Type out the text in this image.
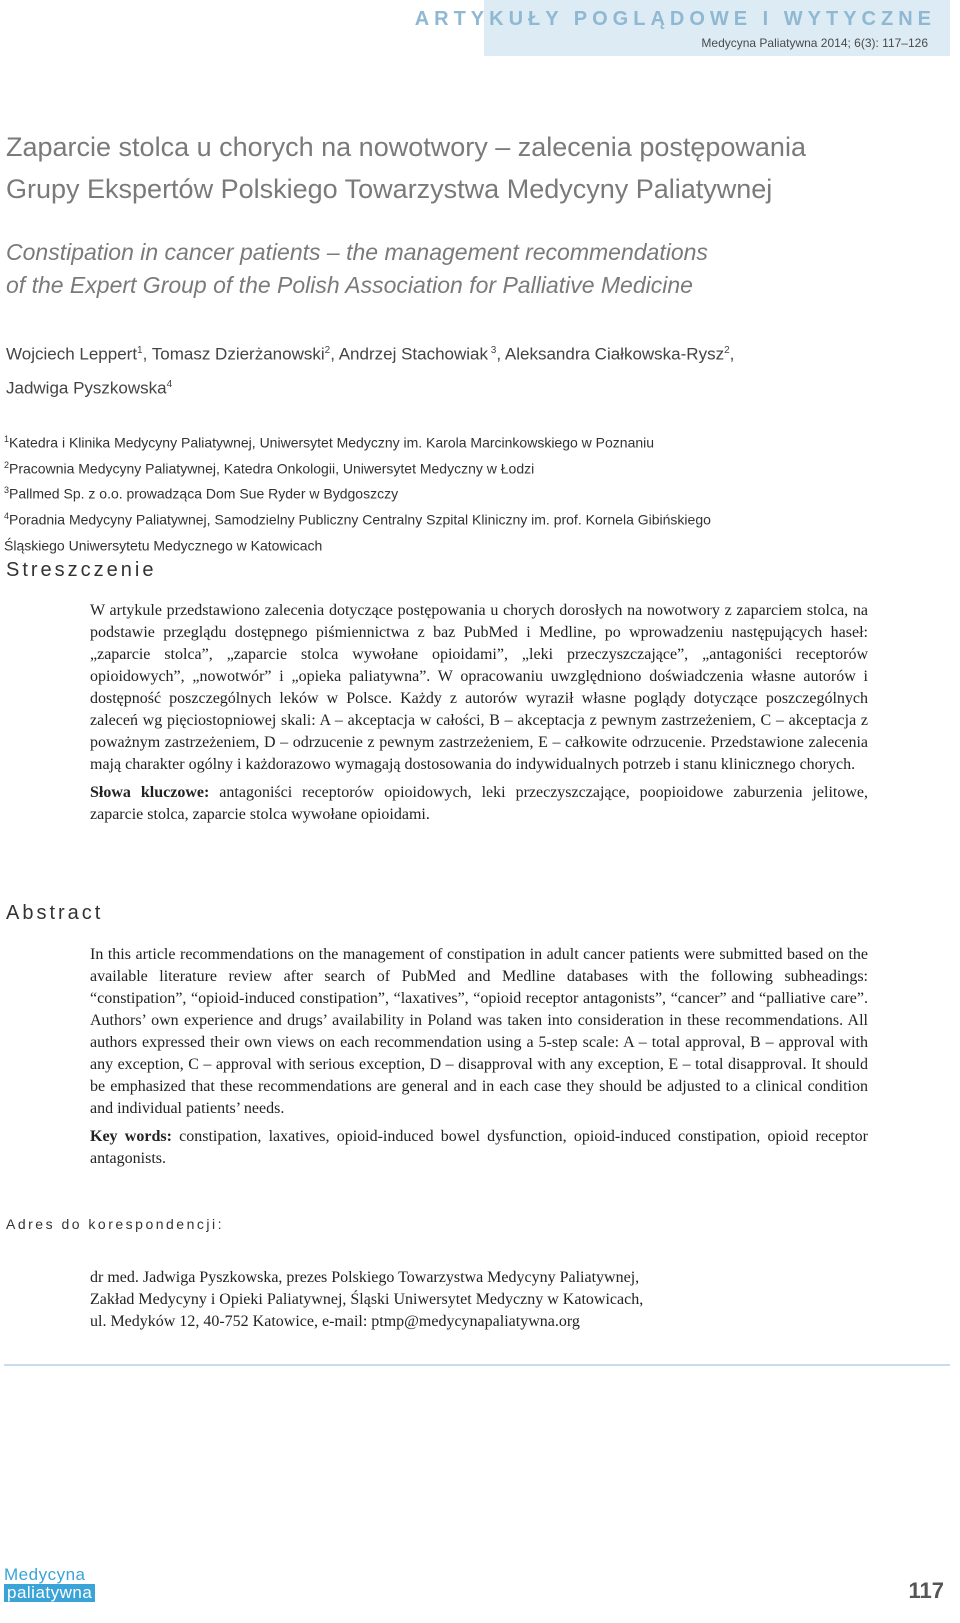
ARTYKUŁY POGLĄDOWE I WYTYCZNE
Medycyna Paliatywna 2014; 6(3): 117–126
Zaparcie stolca u chorych na nowotwory – zalecenia postępowania
Grupy Ekspertów Polskiego Towarzystwa Medycyny Paliatywnej
Constipation in cancer patients – the management recommendations
of the Expert Group of the Polish Association for Palliative Medicine
Wojciech Leppert$^1$, Tomasz Dzierżanowski$^2$, Andrzej Stachowiak $^3$, Aleksandra Ciałkowska-Rysz$^2$,
Jadwiga Pyszkowska$^4$
$^1$Katedra i Klinika Medycyny Paliatywnej, Uniwersytet Medyczny im. Karola Marcinkowskiego w Poznaniu
$^2$Pracownia Medycyny Paliatywnej, Katedra Onkologii, Uniwersytet Medyczny w Łodzi
$^3$Pallmed Sp. z o.o. prowadząca Dom Sue Ryder w Bydgoszczy
$^4$Poradnia Medycyny Paliatywnej, Samodzielny Publiczny Centralny Szpital Kliniczny im. prof. Kornela Gibińskiego
Śląskiego Uniwersytetu Medycznego w Katowicach
Streszczenie

W artykule przedstawiono zalecenia dotyczące postępowania u chorych dorosłych na nowotwory z zaparciem stolca, na podstawie przeglądu dostępnego piśmiennictwa z baz PubMed i Medline, po wprowadzeniu następujących haseł: „zaparcie stolca”, „zaparcie stolca wywołane opioidami”, „leki przeczyszczające”, „antagoniści receptorów opioidowych”, „nowotwór” i „opieka paliatywna”. W opracowaniu uwzględniono doświadczenia własne autorów i dostępność poszczególnych leków w Polsce. Każdy z autorów wyraził własne poglądy dotyczące poszczególnych zaleceń wg pięciostopniowej skali: A – akceptacja w całości, B – akceptacja z pewnym zastrzeżeniem, C – akceptacja z poważnym zastrzeżeniem, D – odrzucenie z pewnym zastrzeżeniem, E – całkowite odrzucenie. Przedstawione zalecenia mają charakter ogólny i każdorazowo wymagają dostosowania do indywidualnych potrzeb i stanu klinicznego chorych.

Słowa kluczowe: antagoniści receptorów opioidowych, leki przeczyszczające, poopioidowe zaburzenia jelitowe, zaparcie stolca, zaparcie stolca wywołane opioidami.

Abstract

In this article recommendations on the management of constipation in adult cancer patients were submitted based on the available literature review after search of PubMed and Medline databases with the following subheadings: “constipation”, “opioid-induced constipation”, “laxatives”, “opioid receptor antagonists”, “cancer” and “palliative care”. Authors’ own experience and drugs’ availability in Poland was taken into consideration in these recommendations. All authors expressed their own views on each recommendation using a 5-step scale: A – total approval, B – approval with any exception, C – approval with serious exception, D – disapproval with any exception, E – total disapproval. It should be emphasized that these recommendations are general and in each case they should be adjusted to a clinical condition and individual patients’ needs.

Key words: constipation, laxatives, opioid-induced bowel dysfunction, opioid-induced constipation, opioid receptor antagonists.

Adres do korespondencji:
dr med. Jadwiga Pyszkowska, prezes Polskiego Towarzystwa Medycyny Paliatywnej,
Zakład Medycyny i Opieki Paliatywnej, Śląski Uniwersytet Medyczny w Katowicach,
ul. Medyków 12, 40-752 Katowice, e-mail: ptmp@medycynapaliatywna.org
Medycyna
paliatywna	117
